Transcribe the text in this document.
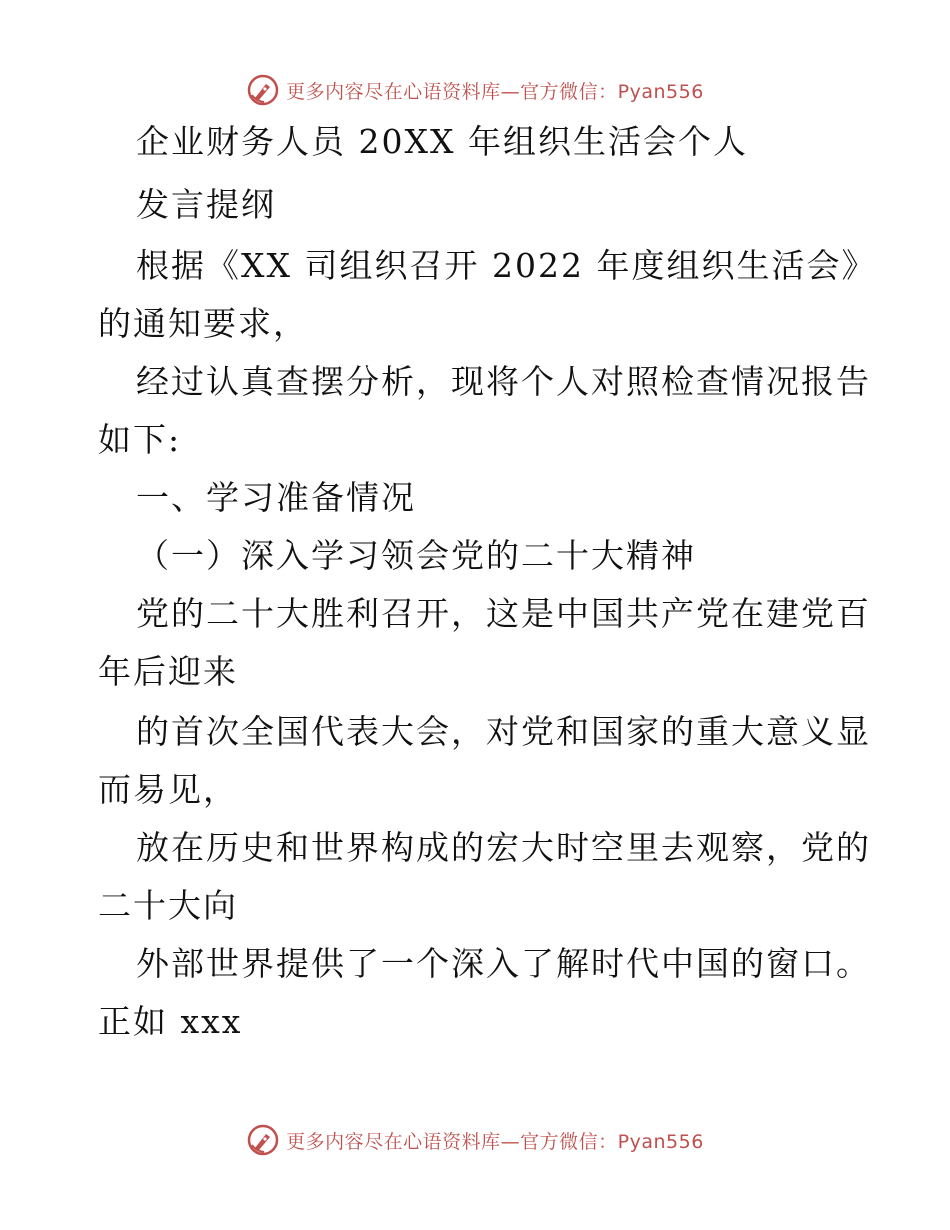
更多内容尽在心语资料库—官方微信：Pyan556
企业财务人员 20XX 年组织生活会个人
发言提纲
根据《XX 司组织召开 2022 年度组织生活会》
的通知要求，
经过认真查摆分析，现将个人对照检查情况报告
如下:
一、学习准备情况
（一）深入学习领会党的二十大精神
党的二十大胜利召开，这是中国共产党在建党百
年后迎来
的首次全国代表大会，对党和国家的重大意义显
而易见，
放在历史和世界构成的宏大时空里去观察，党的
二十大向
外部世界提供了一个深入了解时代中国的窗口。
正如 xxx
更多内容尽在心语资料库—官方微信：Pyan556
